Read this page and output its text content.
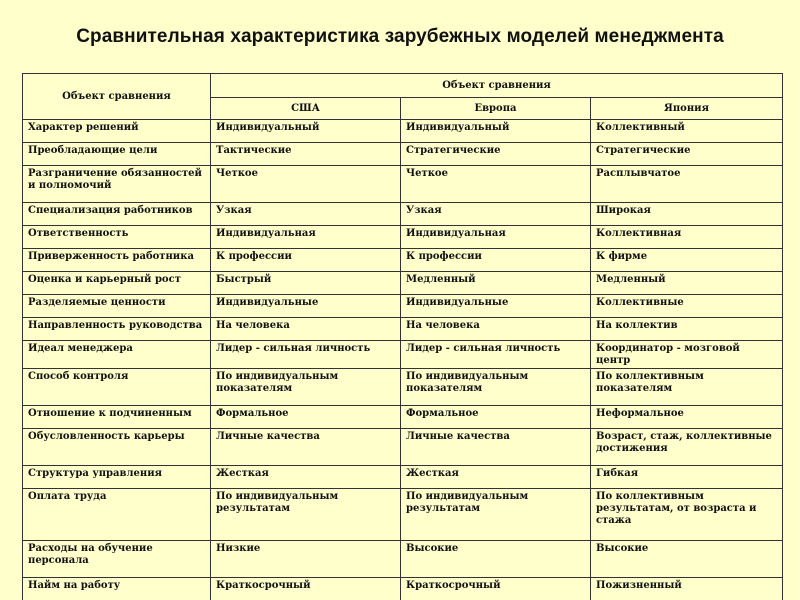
Сравнительная характеристика зарубежных моделей менеджмента
Объект сравнения	Объект сравнения		
	США	Европа	Япония
Характер решений	Индивидуальный	Индивидуальный	Коллективный
Преобладающие цели	Тактические	Стратегические	Стратегические
Разграничение обязанностей и полномочий	Четкое	Четкое	Расплывчатое
Специализация работников	Узкая	Узкая	Широкая
Ответственность	Индивидуальная	Индивидуальная	Коллективная
Приверженность работника	К профессии	К профессии	К фирме
Оценка и карьерный рост	Быстрый	Медленный	Медленный
Разделяемые ценности	Индивидуальные	Индивидуальные	Коллективные
Направленность руководства	На человека	На человека	На коллектив
Идеал менеджера	Лидер - сильная личность	Лидер - сильная личность	Координатор - мозговой центр
Способ контроля	По индивидуальным показателям	По индивидуальным показателям	По коллективным показателям
Отношение к подчиненным	Формальное	Формальное	Неформальное
Обусловленность карьеры	Личные качества	Личные качества	Возраст, стаж, коллективные достижения
Структура управления	Жесткая	Жесткая	Гибкая
Оплата труда	По индивидуальным результатам	По индивидуальным результатам	По коллективным результатам, от возраста и стажа
Расходы на обучение персонала	Низкие	Высокие	Высокие
Найм на работу	Краткосрочный	Краткосрочный	Пожизненный
